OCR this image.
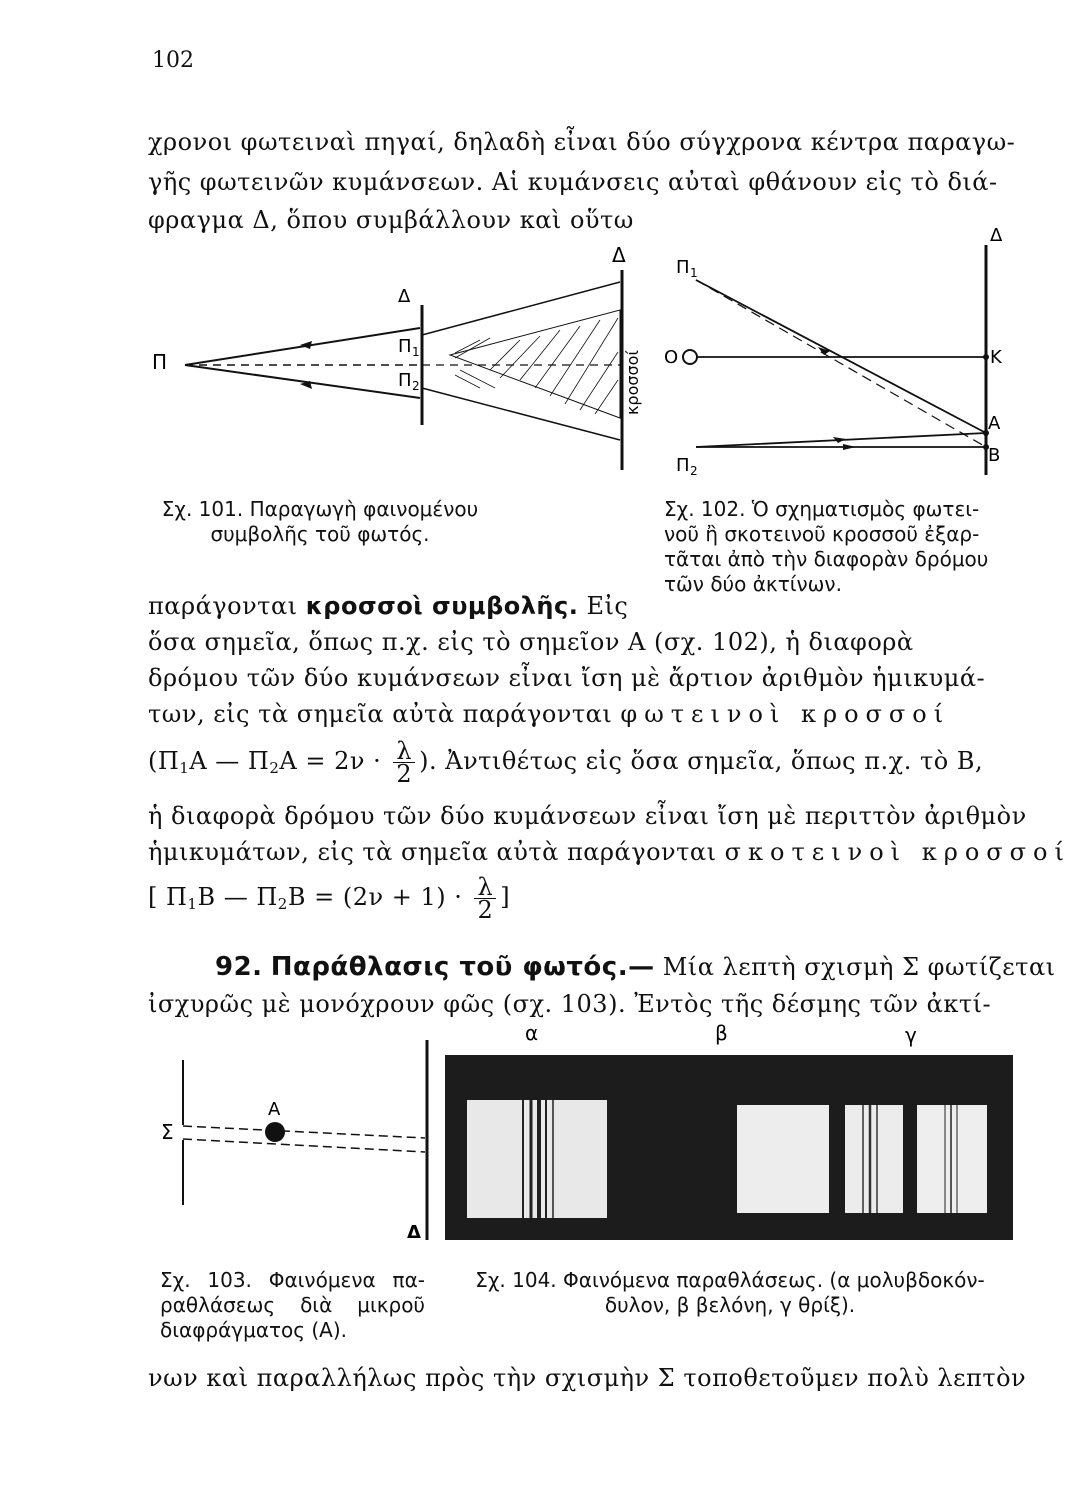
102
χρονοι φωτειναὶ πηγαί, δηλαδὴ εἶναι δύο σύγχρονα κέντρα παραγω-
γῆς φωτεινῶν κυμάνσεων. Αἱ κυμάνσεις αὐταὶ φθάνουν εἰς τὸ διά-
φραγμα Δ, ὅπου συμβάλλουν καὶ οὕτω
Π
Δ
Δ
Π 1
Π 2	κροσσοί
Δ
Π 1
O
Π 2
K
A
B
Σχ. 101. Παραγωγὴ φαινομένου συμβολῆς τοῦ φωτός.
Σχ. 102. Ὁ σχηματισμὸς φωτει-νοῦ ἢ σκοτεινοῦ κροσσοῦ ἐξαρ-τᾶται ἀπὸ τὴν διαφορὰν δρόμου τῶν δύο ἀκτίνων.
παράγονται κροσσοὶ συμβολῆς. Εἰς
ὅσα σημεῖα, ὅπως π.χ. εἰς τὸ σημεῖον A (σχ. 102), ἡ διαφορὰ
δρόμου τῶν δύο κυμάνσεων εἶναι ἴση μὲ ἄρτιον ἀριθμὸν ἡμικυμά-
των, εἰς τὰ σημεῖα αὐτὰ παράγονται φωτεινοὶ κροσσοί
($\Pi_1A$ — $\Pi_2A = 2\nu \cdot \frac{\lambda}{2}$ ). Ἀντιθέτως εἰς ὅσα σημεῖα, ὅπως π.χ. τὸ B,
ἡ διαφορὰ δρόμου τῶν δύο κυμάνσεων εἶναι ἴση μὲ περιττὸν ἀριθμὸν
ἡμικυμάτων, εἰς τὰ σημεῖα αὐτὰ παράγονται σκοτεινοὶ κροσσοί
[ $\Pi_1B$ — $\Pi_2B = (2\nu + 1) \cdot \frac{\lambda}{2}$ ]
92. Παράθλασις τοῦ φωτός.— Μία λεπτὴ σχισμὴ Σ φωτίζεται
ἰσχυρῶς μὲ μονόχρουν φῶς (σχ. 103). Ἐντὸς τῆς δέσμης τῶν ἀκτί-
Σ
A
Δ
α	β	γ
Σχ. 103. Φαινόμενα πα-ραθλάσεως διὰ μικροῦ διαφράγματος (A).
Σχ. 104. Φαινόμενα παραθλάσεως. (α μολυβδοκόν-δυλον, β βελόνη, γ θρίξ).
νων καὶ παραλλήλως πρὸς τὴν σχισμὴν Σ τοποθετοῦμεν πολὺ λεπτὸν
